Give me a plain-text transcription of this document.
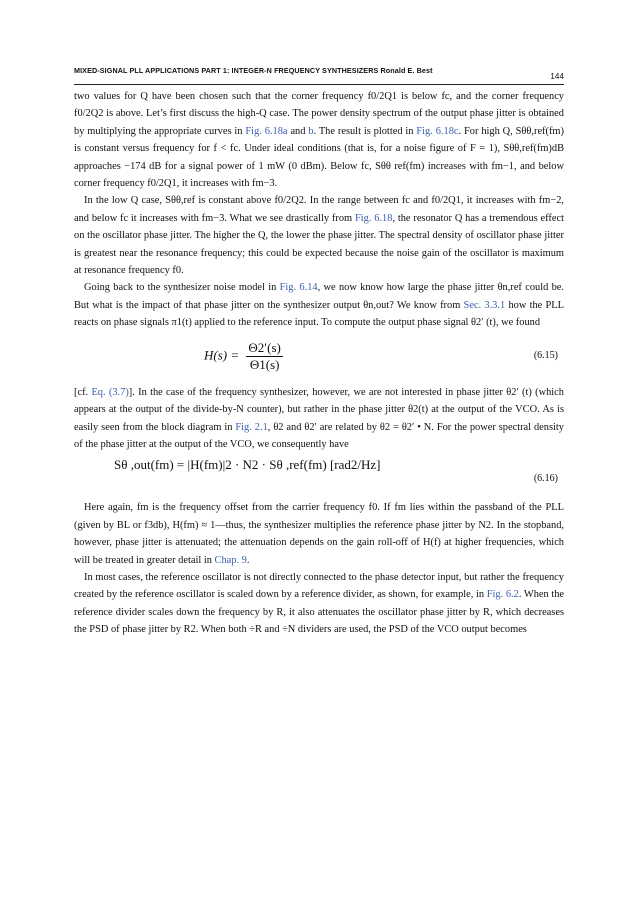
MIXED-SIGNAL PLL APPLICATIONS PART 1: INTEGER-N FREQUENCY SYNTHESIZERS Ronald E. Best
144

two values for Q have been chosen such that the corner frequency f0/2Q1 is below fc, and the corner frequency f0/2Q2 is above. Let’s first discuss the high-Q case. The power density spectrum of the output phase jitter is obtained by multiplying the appropriate curves in Fig. 6.18a and b. The result is plotted in Fig. 6.18c. For high Q, Sθθ,ref(fm) is constant versus frequency for f < fc. Under ideal conditions (that is, for a noise figure of F = 1), Sθθ,ref(fm)dB approaches −174 dB for a signal power of 1 mW (0 dBm). Below fc, Sθθ ref(fm) increases with fm−1, and below corner frequency f0/2Q1, it increases with fm−3.

In the low Q case, Sθθ,ref is constant above f0/2Q2. In the range between fc and f0/2Q1, it increases with fm−2, and below fc it increases with fm−3. What we see drastically from Fig. 6.18, the resonator Q has a tremendous effect on the oscillator phase jitter. The higher the Q, the lower the phase jitter. The spectral density of oscillator phase jitter is greatest near the resonance frequency; this could be expected because the noise gain of the oscillator is maximum at resonance frequency f0.

Going back to the synthesizer noise model in Fig. 6.14, we now know how large the phase jitter θn,ref could be. But what is the impact of that phase jitter on the synthesizer output θn,out? We know from Sec. 3.3.1 how the PLL reacts on phase signals π1(t) applied to the reference input. To compute the output phase signal θ2′ (t), we found

$H(s) = \frac{\Theta 2'(s)}{\Theta 1(s)}$	(6.15)

[cf. Eq. (3.7)]. In the case of the frequency synthesizer, however, we are not interested in phase jitter θ2′ (t) (which appears at the output of the divide-by-N counter), but rather in the phase jitter θ2(t) at the output of the VCO. As is easily seen from the block diagram in Fig. 2.1, θ2 and θ2′ are related by θ2 = θ2′ • N. For the power spectral density of the phase jitter at the output of the VCO, we consequently have

Sθ ,out(fm) = |H(fm)|2 · N2 · Sθ ,ref(fm) [rad2/Hz]
(6.16)

Here again, fm is the frequency offset from the carrier frequency f0. If fm lies within the passband of the PLL (given by BL or f3db), H(fm) ≈ 1—thus, the synthesizer multiplies the reference phase jitter by N2. In the stopband, however, phase jitter is attenuated; the attenuation depends on the gain roll-off of H(f) at higher frequencies, which will be treated in greater detail in Chap. 9.

In most cases, the reference oscillator is not directly connected to the phase detector input, but rather the frequency created by the reference oscillator is scaled down by a reference divider, as shown, for example, in Fig. 6.2. When the reference divider scales down the frequency by R, it also attenuates the oscillator phase jitter by R, which decreases the PSD of phase jitter by R2. When both ÷R and ÷N dividers are used, the PSD of the VCO output becomes
